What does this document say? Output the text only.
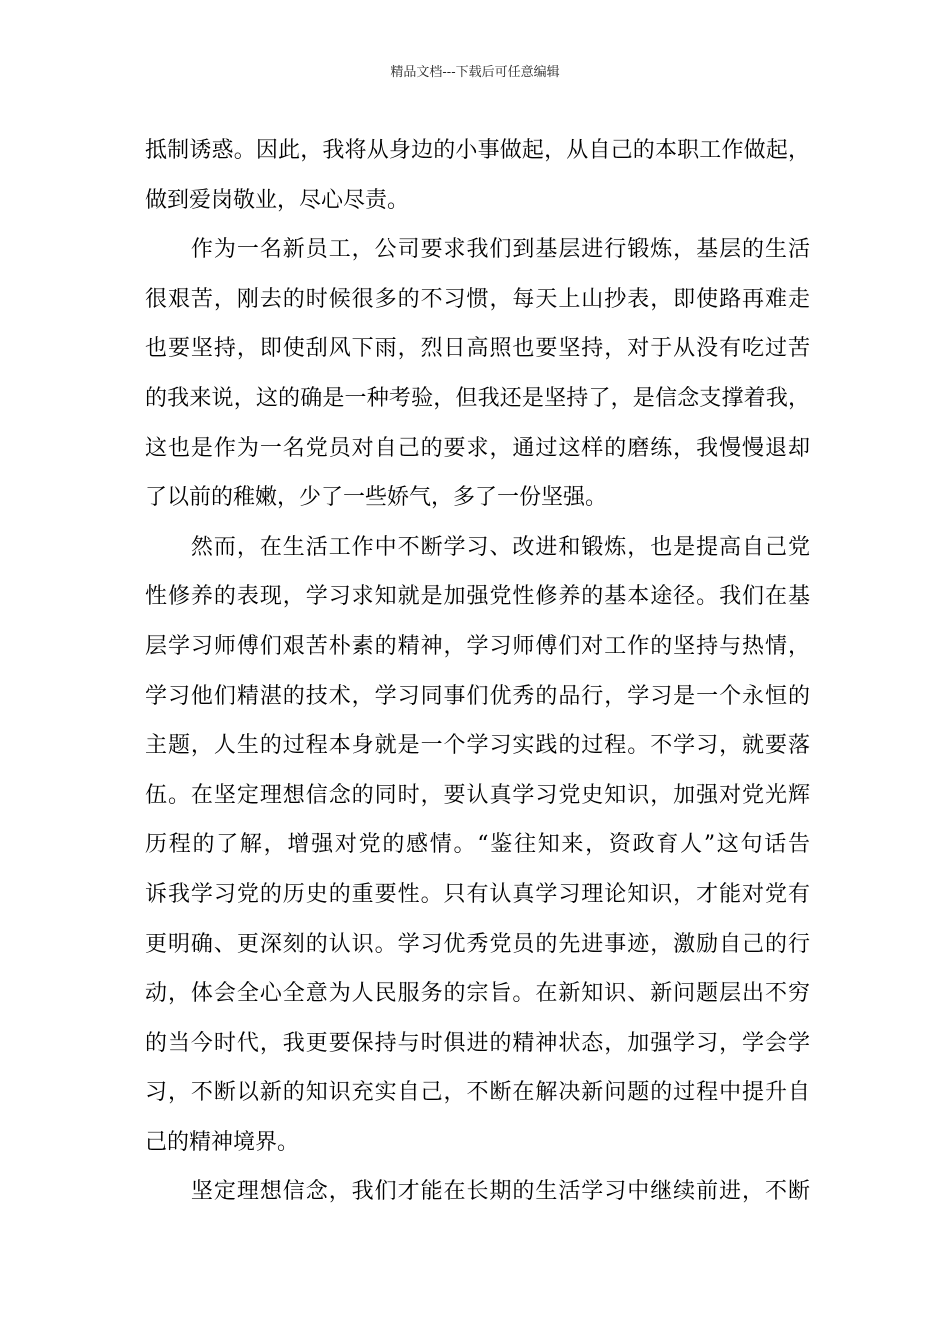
精品文档---下载后可任意编辑
抵制诱惑。因此，我将从身边的小事做起，从自己的本职工作做起，
做到爱岗敬业，尽心尽责。
　　作为一名新员工，公司要求我们到基层进行锻炼，基层的生活
很艰苦，刚去的时候很多的不习惯，每天上山抄表，即使路再难走
也要坚持，即使刮风下雨，烈日高照也要坚持，对于从没有吃过苦
的我来说，这的确是一种考验，但我还是坚持了，是信念支撑着我，
这也是作为一名党员对自己的要求，通过这样的磨练，我慢慢退却
了以前的稚嫩，少了一些娇气，多了一份坚强。
　　然而，在生活工作中不断学习、改进和锻炼，也是提高自己党
性修养的表现，学习求知就是加强党性修养的基本途径。我们在基
层学习师傅们艰苦朴素的精神，学习师傅们对工作的坚持与热情，
学习他们精湛的技术，学习同事们优秀的品行，学习是一个永恒的
主题，人生的过程本身就是一个学习实践的过程。不学习，就要落
伍。在坚定理想信念的同时，要认真学习党史知识，加强对党光辉
历程的了解，增强对党的感情。“鉴往知来，资政育人”这句话告
诉我学习党的历史的重要性。只有认真学习理论知识，才能对党有
更明确、更深刻的认识。学习优秀党员的先进事迹，激励自己的行
动，体会全心全意为人民服务的宗旨。在新知识、新问题层出不穷
的当今时代，我更要保持与时俱进的精神状态，加强学习，学会学
习，不断以新的知识充实自己，不断在解决新问题的过程中提升自
己的精神境界。
　　坚定理想信念，我们才能在长期的生活学习中继续前进，不断
